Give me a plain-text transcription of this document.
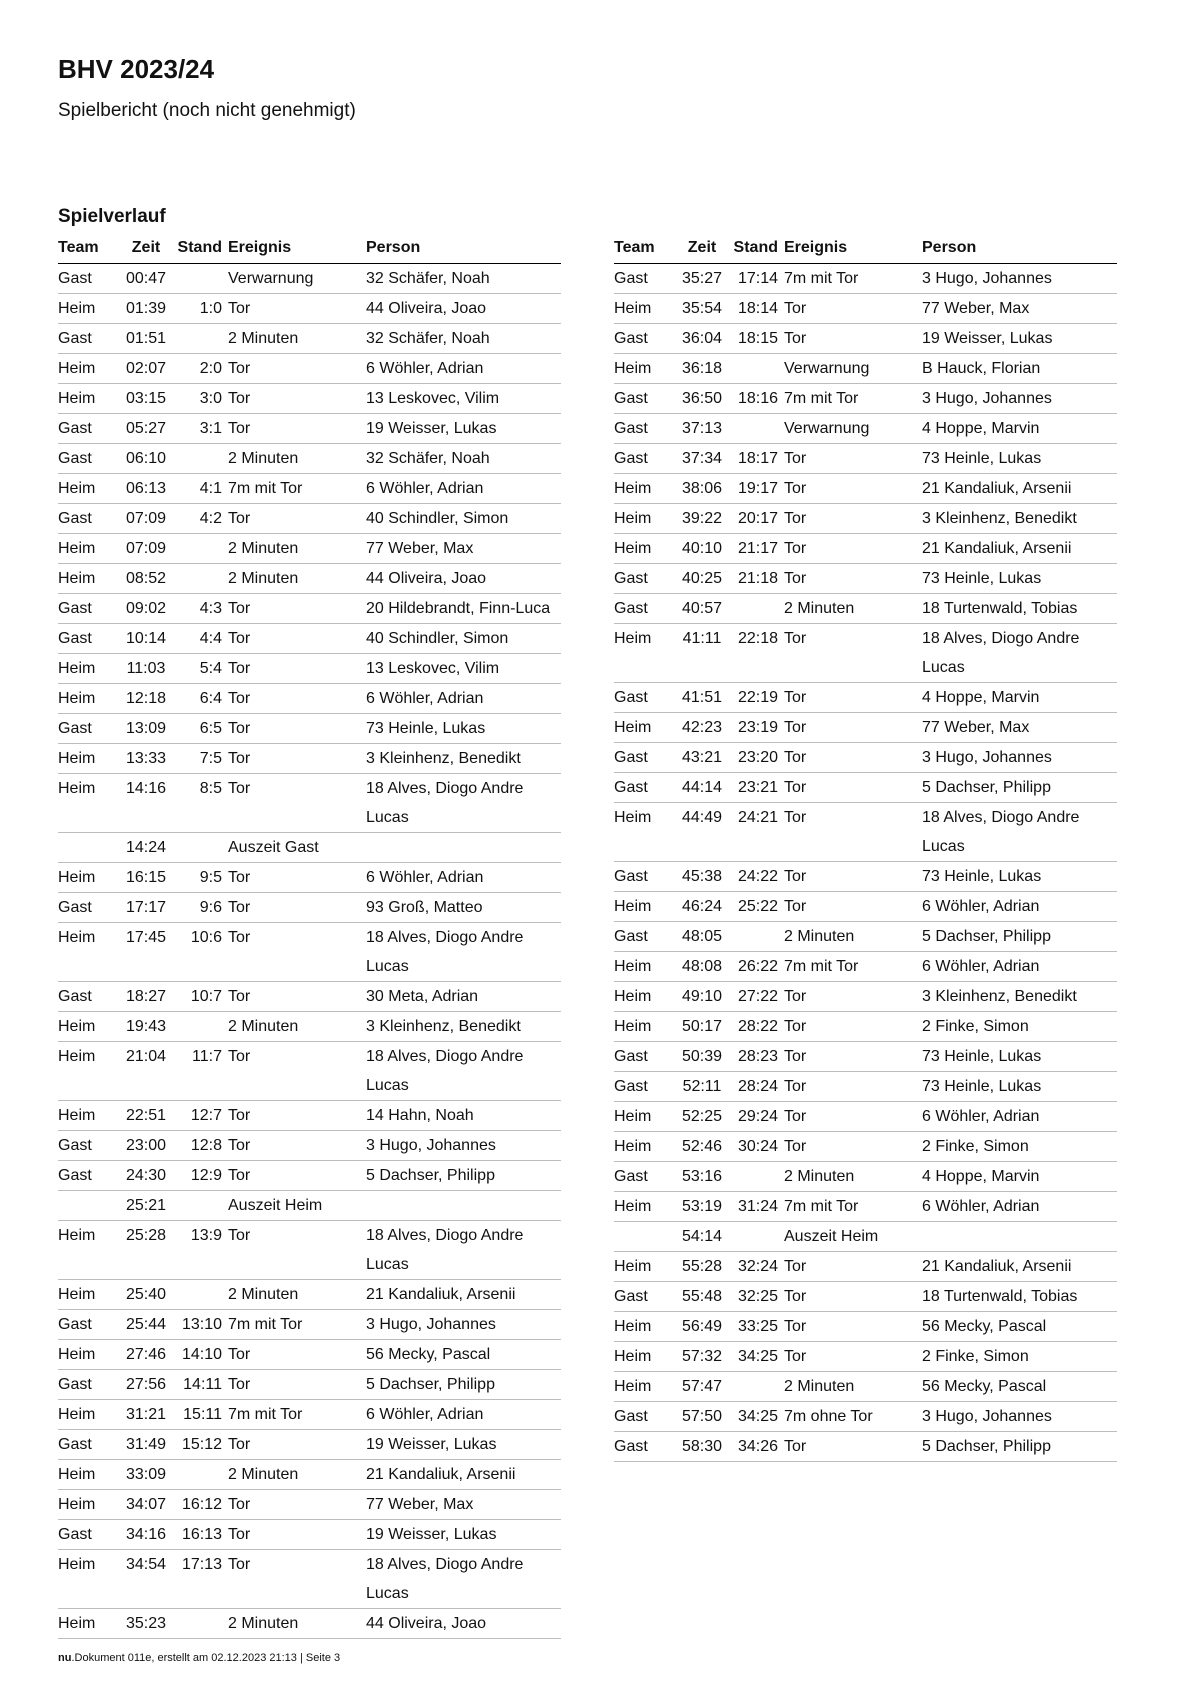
BHV 2023/24

Spielbericht (noch nicht genehmigt)

Spielverlauf
Team	Zeit	Stand	Ereignis	Person
Gast	00:47		Verwarnung	32 Schäfer, Noah
Heim	01:39	1:0	Tor	44 Oliveira, Joao
Gast	01:51		2 Minuten	32 Schäfer, Noah
Heim	02:07	2:0	Tor	6 Wöhler, Adrian
Heim	03:15	3:0	Tor	13 Leskovec, Vilim
Gast	05:27	3:1	Tor	19 Weisser, Lukas
Gast	06:10		2 Minuten	32 Schäfer, Noah
Heim	06:13	4:1	7m mit Tor	6 Wöhler, Adrian
Gast	07:09	4:2	Tor	40 Schindler, Simon
Heim	07:09		2 Minuten	77 Weber, Max
Heim	08:52		2 Minuten	44 Oliveira, Joao
Gast	09:02	4:3	Tor	20 Hildebrandt, Finn-Luca
Gast	10:14	4:4	Tor	40 Schindler, Simon
Heim	11:03	5:4	Tor	13 Leskovec, Vilim
Heim	12:18	6:4	Tor	6 Wöhler, Adrian
Gast	13:09	6:5	Tor	73 Heinle, Lukas
Heim	13:33	7:5	Tor	3 Kleinhenz, Benedikt
Heim	14:16	8:5	Tor	18 Alves, Diogo Andre
				Lucas
	14:24		Auszeit Gast	
Heim	16:15	9:5	Tor	6 Wöhler, Adrian
Gast	17:17	9:6	Tor	93 Groß, Matteo
Heim	17:45	10:6	Tor	18 Alves, Diogo Andre
				Lucas
Gast	18:27	10:7	Tor	30 Meta, Adrian
Heim	19:43		2 Minuten	3 Kleinhenz, Benedikt
Heim	21:04	11:7	Tor	18 Alves, Diogo Andre
				Lucas
Heim	22:51	12:7	Tor	14 Hahn, Noah
Gast	23:00	12:8	Tor	3 Hugo, Johannes
Gast	24:30	12:9	Tor	5 Dachser, Philipp
	25:21		Auszeit Heim	
Heim	25:28	13:9	Tor	18 Alves, Diogo Andre
				Lucas
Heim	25:40		2 Minuten	21 Kandaliuk, Arsenii
Gast	25:44	13:10	7m mit Tor	3 Hugo, Johannes
Heim	27:46	14:10	Tor	56 Mecky, Pascal
Gast	27:56	14:11	Tor	5 Dachser, Philipp
Heim	31:21	15:11	7m mit Tor	6 Wöhler, Adrian
Gast	31:49	15:12	Tor	19 Weisser, Lukas
Heim	33:09		2 Minuten	21 Kandaliuk, Arsenii
Heim	34:07	16:12	Tor	77 Weber, Max
Gast	34:16	16:13	Tor	19 Weisser, Lukas
Heim	34:54	17:13	Tor	18 Alves, Diogo Andre
				Lucas
Heim	35:23		2 Minuten	44 Oliveira, Joao
Team	Zeit	Stand	Ereignis	Person
Gast	35:27	17:14	7m mit Tor	3 Hugo, Johannes
Heim	35:54	18:14	Tor	77 Weber, Max
Gast	36:04	18:15	Tor	19 Weisser, Lukas
Heim	36:18		Verwarnung	B Hauck, Florian
Gast	36:50	18:16	7m mit Tor	3 Hugo, Johannes
Gast	37:13		Verwarnung	4 Hoppe, Marvin
Gast	37:34	18:17	Tor	73 Heinle, Lukas
Heim	38:06	19:17	Tor	21 Kandaliuk, Arsenii
Heim	39:22	20:17	Tor	3 Kleinhenz, Benedikt
Heim	40:10	21:17	Tor	21 Kandaliuk, Arsenii
Gast	40:25	21:18	Tor	73 Heinle, Lukas
Gast	40:57		2 Minuten	18 Turtenwald, Tobias
Heim	41:11	22:18	Tor	18 Alves, Diogo Andre
				Lucas
Gast	41:51	22:19	Tor	4 Hoppe, Marvin
Heim	42:23	23:19	Tor	77 Weber, Max
Gast	43:21	23:20	Tor	3 Hugo, Johannes
Gast	44:14	23:21	Tor	5 Dachser, Philipp
Heim	44:49	24:21	Tor	18 Alves, Diogo Andre
				Lucas
Gast	45:38	24:22	Tor	73 Heinle, Lukas
Heim	46:24	25:22	Tor	6 Wöhler, Adrian
Gast	48:05		2 Minuten	5 Dachser, Philipp
Heim	48:08	26:22	7m mit Tor	6 Wöhler, Adrian
Heim	49:10	27:22	Tor	3 Kleinhenz, Benedikt
Heim	50:17	28:22	Tor	2 Finke, Simon
Gast	50:39	28:23	Tor	73 Heinle, Lukas
Gast	52:11	28:24	Tor	73 Heinle, Lukas
Heim	52:25	29:24	Tor	6 Wöhler, Adrian
Heim	52:46	30:24	Tor	2 Finke, Simon
Gast	53:16		2 Minuten	4 Hoppe, Marvin
Heim	53:19	31:24	7m mit Tor	6 Wöhler, Adrian
	54:14		Auszeit Heim	
Heim	55:28	32:24	Tor	21 Kandaliuk, Arsenii
Gast	55:48	32:25	Tor	18 Turtenwald, Tobias
Heim	56:49	33:25	Tor	56 Mecky, Pascal
Heim	57:32	34:25	Tor	2 Finke, Simon
Heim	57:47		2 Minuten	56 Mecky, Pascal
Gast	57:50	34:25	7m ohne Tor	3 Hugo, Johannes
Gast	58:30	34:26	Tor	5 Dachser, Philipp

nu.Dokument 011e, erstellt am 02.12.2023 21:13 | Seite 3
